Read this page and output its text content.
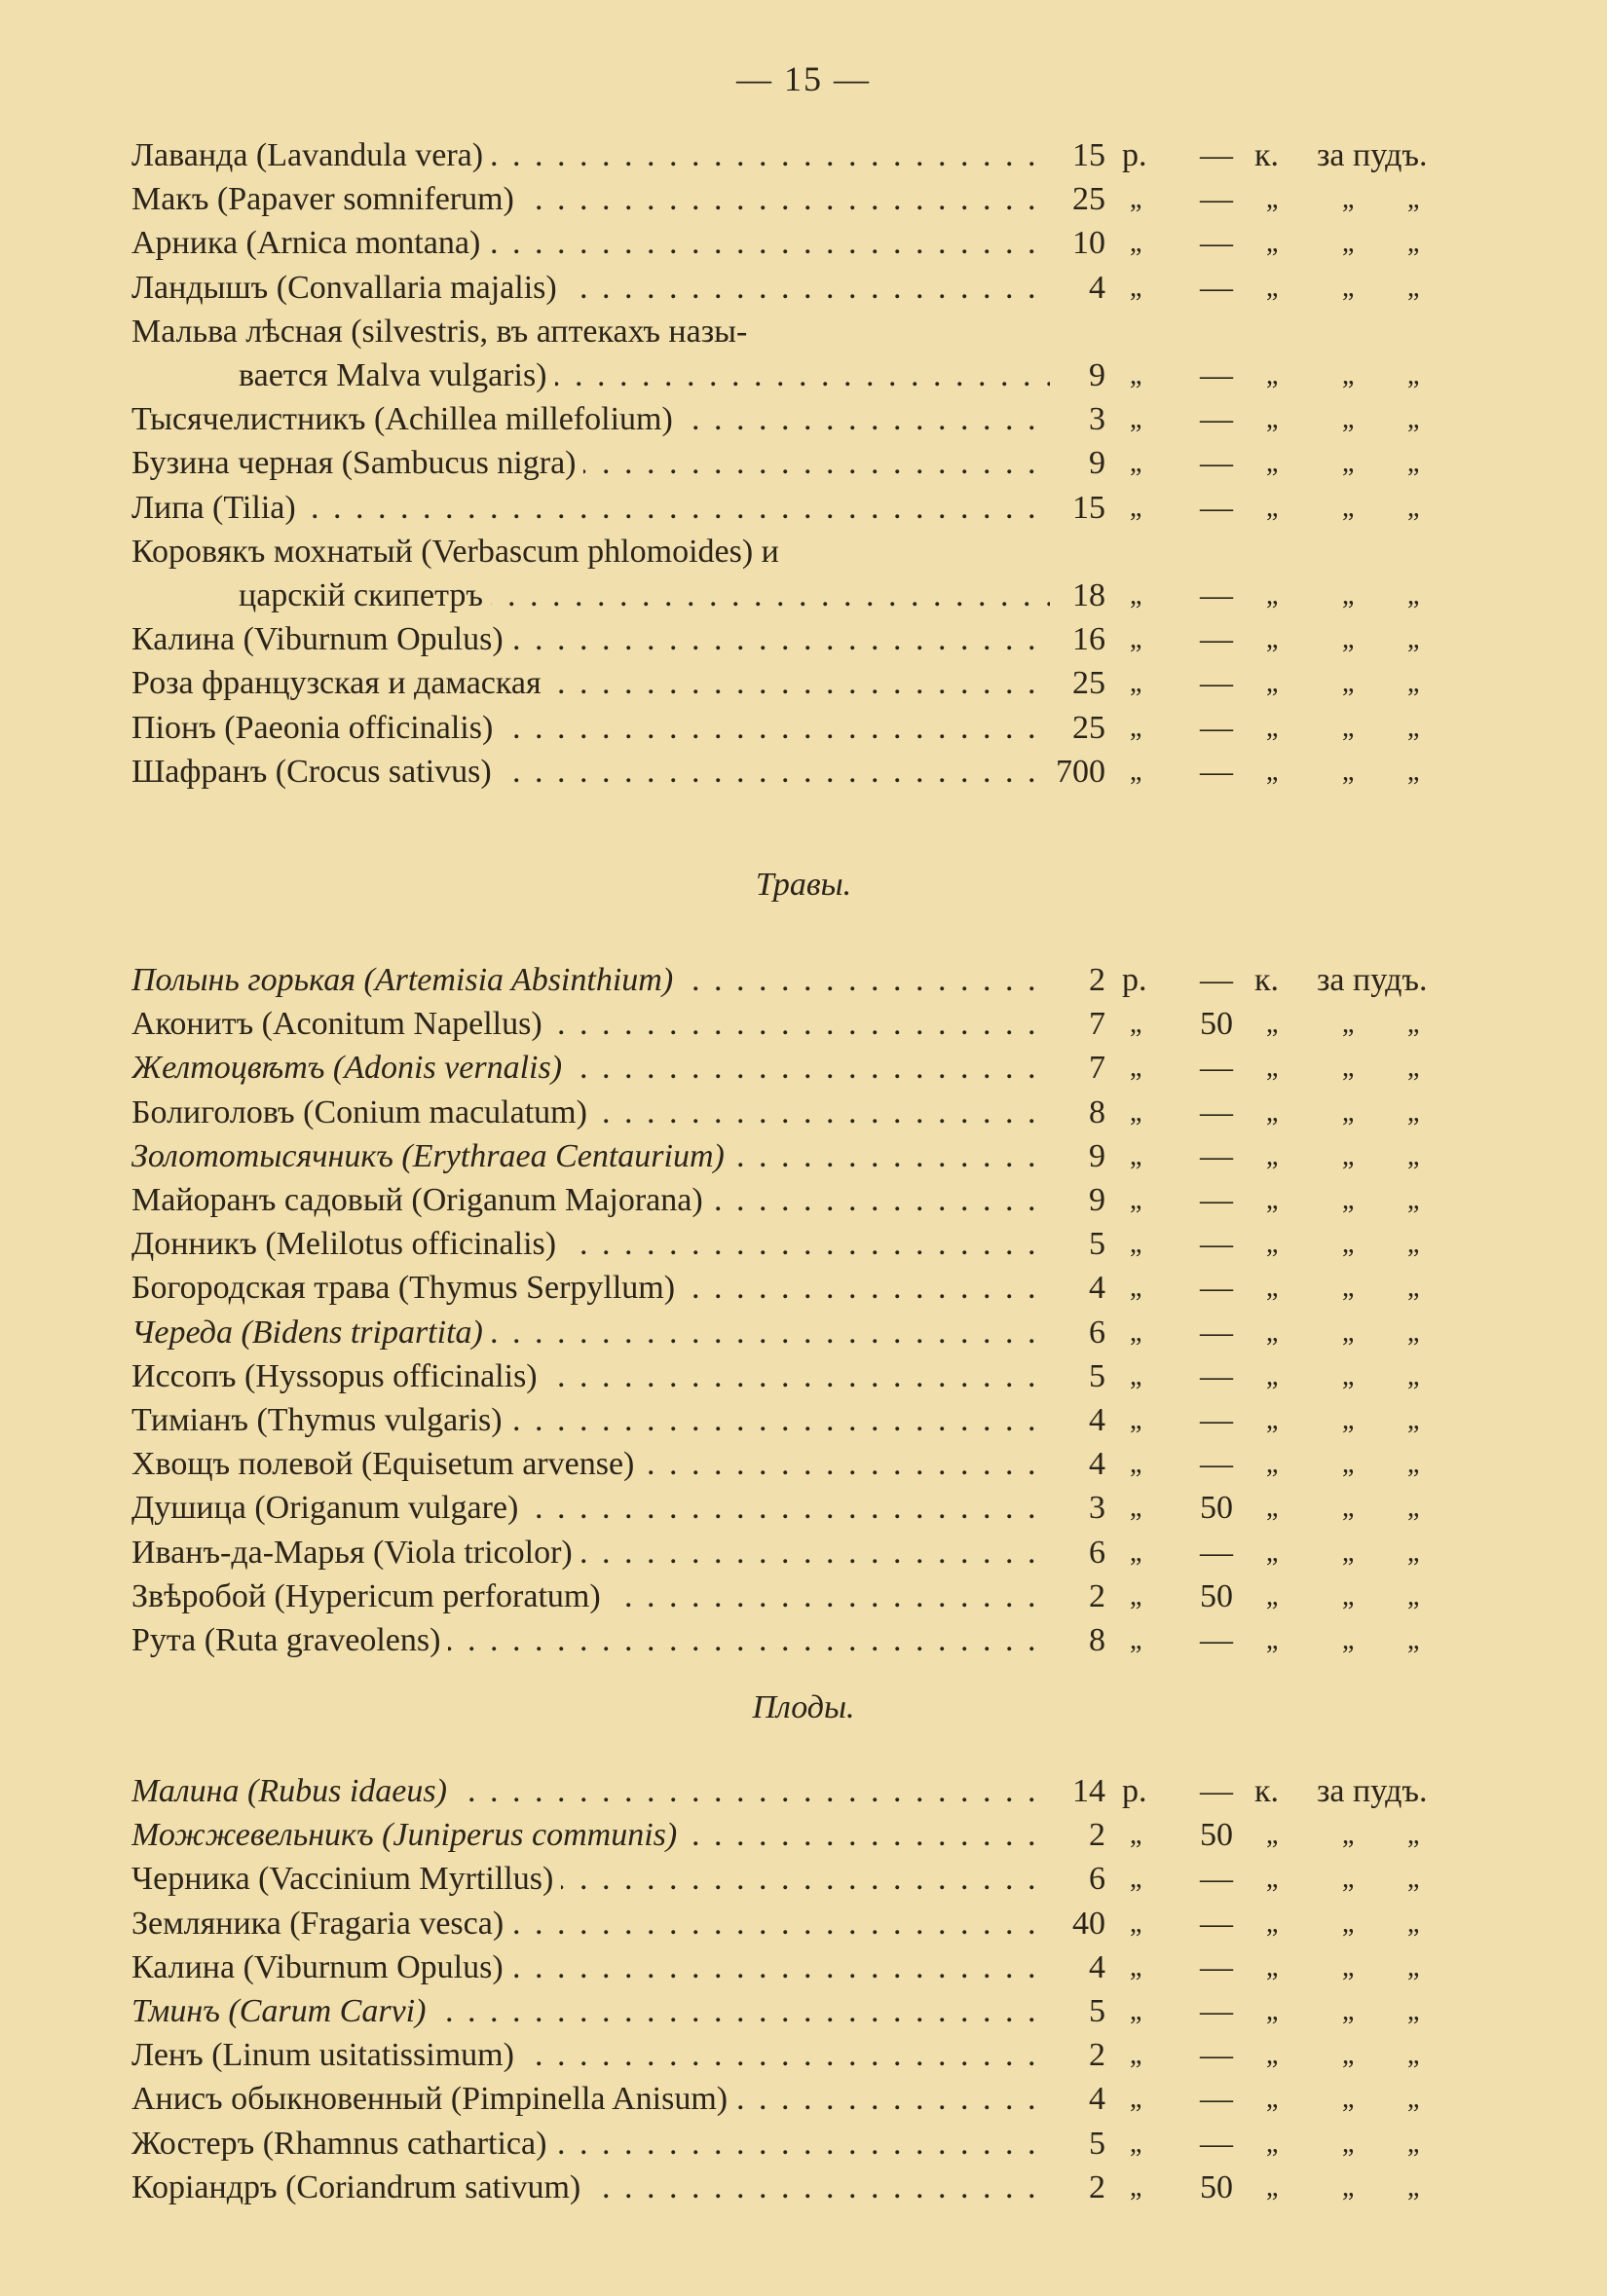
— 15 —
Лаванда (Lavandula vera) . . .	15 р.	— к. за пудъ.
Макъ (Papaver somniferum) . . .	25 „	—	„ „ „
Арника (Arnica montana) . . .	10 „	—	„ „ „
Ландышъ (Convallaria majalis) . . .	4 „	—	„ „ „
Мальва лѣсная (silvestris, въ аптекахъ назы-
вается Malva vulgaris) . . .	9 „	—	„ „ „
Тысячелистникъ (Achillea millefolium) . . .	3 „	—	„ „ „
Бузина черная (Sambucus nigra) . . .	9 „	—	„ „ „
Липа (Tilia) . . .	15 „	—	„ „ „
Коровякъ мохнатый (Verbascum phlomoides) и
царскій скипетръ . . .	18 „	—	„ „ „
Калина (Viburnum Opulus) . . .	16 „	—	„ „ „
Роза французская и дамаская . . .	25 „	—	„ „ „
Піонъ (Paeonia officinalis) . . .	25 „	—	„ „ „
Шафранъ (Crocus sativus) . . .	700 „	—	„ „ „
Травы.
Полынь горькая (Artemisia Absinthium) . . .	2 р.	— к. за пудъ.
Аконитъ (Aconitum Napellus) . . .	7 „	50	„ „ „
Желтоцвѣтъ (Adonis vernalis) . . .	7 „	—	„ „ „
Болиголовъ (Conium maculatum) . . .	8 „	—	„ „ „
Золототысячникъ (Erythraea Centaurium) . . .	9 „	—	„ „ „
Майоранъ садовый (Origanum Majorana) . . .	9 „	—	„ „ „
Донникъ (Melilotus officinalis) . . .	5 „	—	„ „ „
Богородская трава (Thymus Serpyllum) . . .	4 „	—	„ „ „
Череда (Bidens tripartita) . . .	6 „	—	„ „ „
Иссопъ (Hyssopus officinalis) . . .	5 „	—	„ „ „
Тиміанъ (Thymus vulgaris) . . .	4 „	—	„ „ „
Хвощъ полевой (Equisetum arvense) . . .	4 „	—	„ „ „
Душица (Origanum vulgare) . . .	3 „	50	„ „ „
Иванъ-да-Марья (Viola tricolor) . . .	6 „	—	„ „ „
Звѣробой (Hypericum perforatum) . . .	2 „	50	„ „ „
Рута (Ruta graveolens) . . .	8 „	—	„ „ „
Плоды.
Малина (Rubus idaeus) . . .	14 р.	— к. за пудъ.
Можжевельникъ (Juniperus communis) . . .	2 „	50	„ „ „
Черника (Vaccinium Myrtillus) . . .	6 „	—	„ „ „
Земляника (Fragaria vesca) . . .	40 „	—	„ „ „
Калина (Viburnum Opulus) . . .	4 „	—	„ „ „
Тминъ (Carum Carvi) . . .	5 „	—	„ „ „
Ленъ (Linum usitatissimum) . . .	2 „	—	„ „ „
Анисъ обыкновенный (Pimpinella Anisum) . . .	4 „	—	„ „ „
Жостеръ (Rhamnus cathartica) . . .	5 „	—	„ „ „
Коріандръ (Coriandrum sativum) . . .	2 „	50	„ „ „
